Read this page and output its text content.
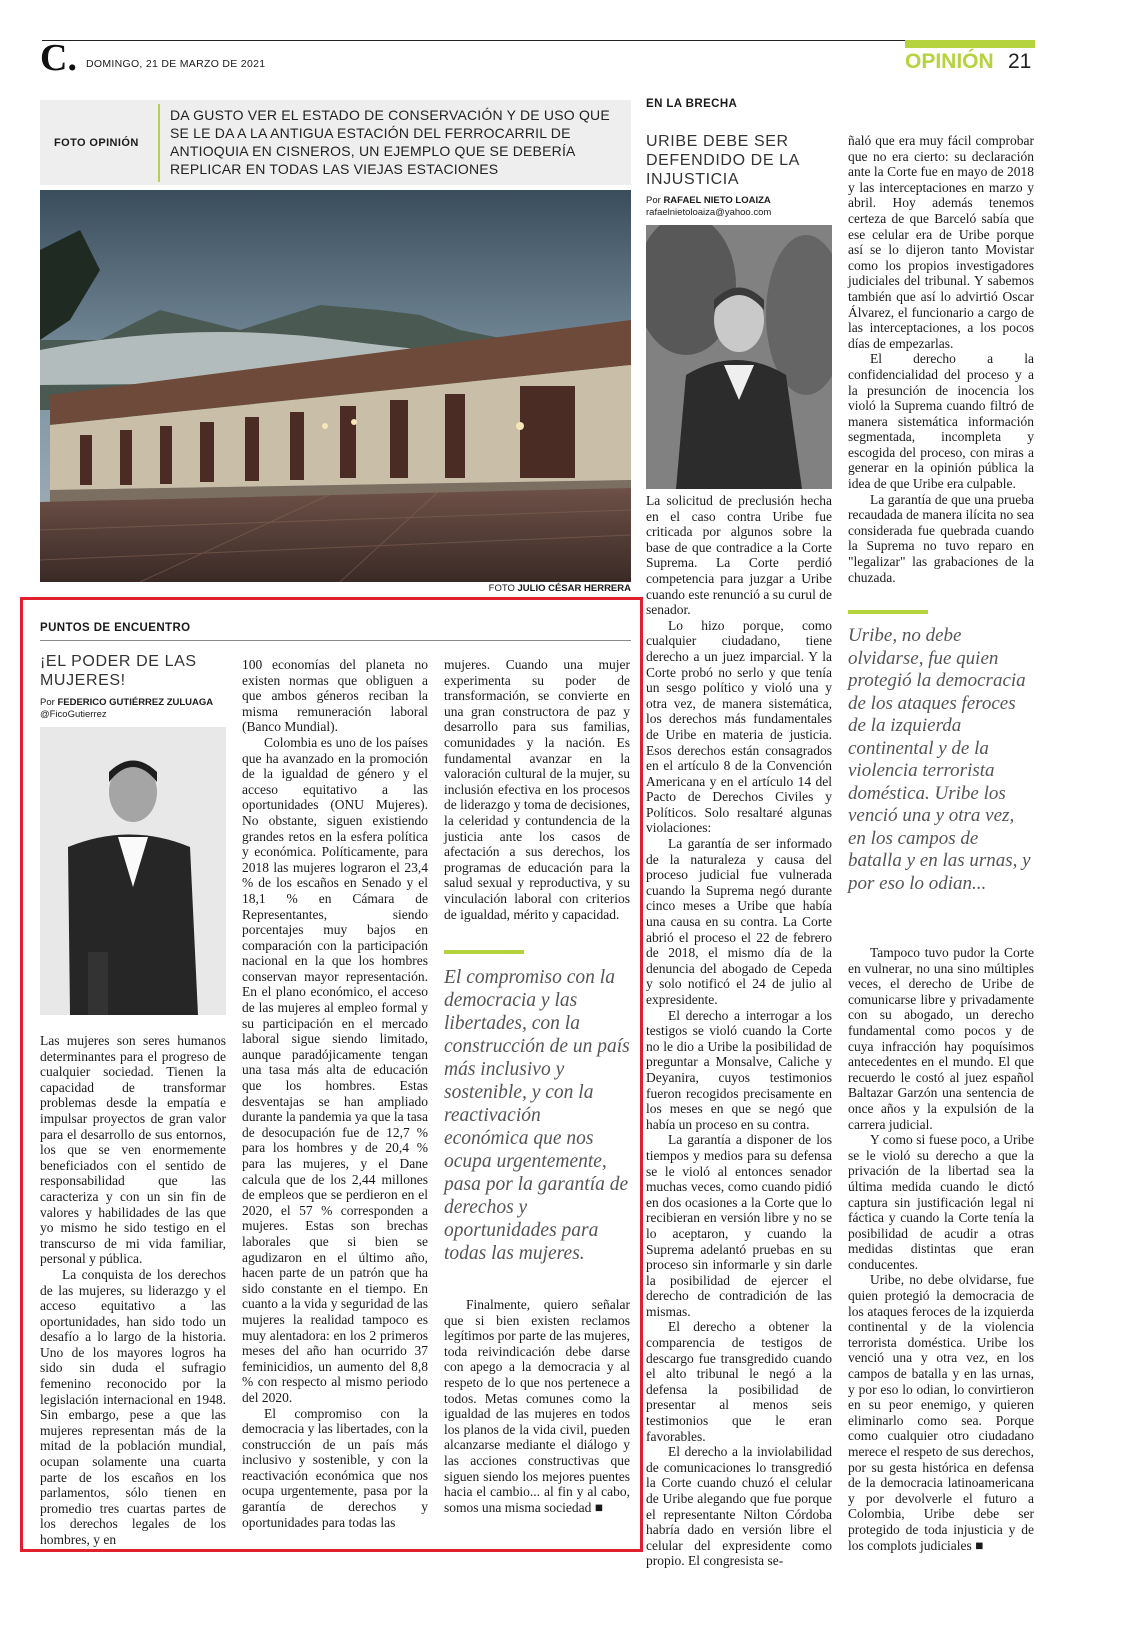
C. DOMINGO, 21 DE MARZO DE 2021	OPINIÓN 21
FOTO OPINIÓN
DA GUSTO VER EL ESTADO DE CONSERVACIÓN Y DE USO QUE SE LE DA A LA ANTIGUA ESTACIÓN DEL FERROCARRIL DE ANTIOQUIA EN CISNEROS, UN EJEMPLO QUE SE DEBERÍA REPLICAR EN TODAS LAS VIEJAS ESTACIONES
FOTO JULIO CÉSAR HERRERA
EN LA BRECHA
URIBE DEBE SER DEFENDIDO DE LA INJUSTICIA
Por RAFAEL NIETO LOAIZA
rafaelnietoloaiza@yahoo.com

La solicitud de preclusión hecha en el caso contra Uribe fue criticada por algunos sobre la base de que contradice a la Corte Suprema. La Corte perdió competencia para juzgar a Uribe cuando este renunció a su curul de senador.

Lo hizo porque, como cualquier ciudadano, tiene derecho a un juez imparcial. Y la Corte probó no serlo y que tenía un sesgo político y violó una y otra vez, de manera sistemática, los derechos más fundamentales de Uribe en materia de justicia. Esos derechos están consagrados en el artículo 8 de la Convención Americana y en el artículo 14 del Pacto de Derechos Civiles y Políticos. Solo resaltaré algunas violaciones:

La garantía de ser informado de la naturaleza y causa del proceso judicial fue vulnerada cuando la Suprema negó durante cinco meses a Uribe que había una causa en su contra. La Corte abrió el proceso el 22 de febrero de 2018, el mismo día de la denuncia del abogado de Cepeda y solo notificó el 24 de julio al expresidente.

El derecho a interrogar a los testigos se violó cuando la Corte no le dio a Uribe la posibilidad de preguntar a Monsalve, Caliche y Deyanira, cuyos testimonios fueron recogidos precisamente en los meses en que se negó que había un proceso en su contra.

La garantía a disponer de los tiempos y medios para su defensa se le violó al entonces senador muchas veces, como cuando pidió en dos ocasiones a la Corte que lo recibieran en versión libre y no se lo aceptaron, y cuando la Suprema adelantó pruebas en su proceso sin informarle y sin darle la posibilidad de ejercer el derecho de contradición de las mismas.

El derecho a obtener la comparencia de testigos de descargo fue transgredido cuando el alto tribunal le negó a la defensa la posibilidad de presentar al menos seis testimonios que le eran favorables.

El derecho a la inviolabilidad de comunicaciones lo transgredió la Corte cuando chuzó el celular de Uribe alegando que fue porque el representante Nilton Córdoba habría dado en versión libre el celular del expresidente como propio. El congresista se-

ñaló que era muy fácil comprobar que no era cierto: su declaración ante la Corte fue en mayo de 2018 y las interceptaciones en marzo y abril. Hoy además tenemos certeza de que Barceló sabía que ese celular era de Uribe porque así se lo dijeron tanto Movistar como los propios investigadores judiciales del tribunal. Y sabemos también que así lo advirtió Oscar Álvarez, el funcionario a cargo de las interceptaciones, a los pocos días de empezarlas.

El derecho a la confidencialidad del proceso y a la presunción de inocencia los violó la Suprema cuando filtró de manera sistemática información segmentada, incompleta y escogida del proceso, con miras a generar en la opinión pública la idea de que Uribe era culpable.

La garantía de que una prueba recaudada de manera ilícita no sea considerada fue quebrada cuando la Suprema no tuvo reparo en "legalizar" las grabaciones de la chuzada.

Uribe, no debe olvidarse, fue quien protegió la democracia de los ataques feroces de la izquierda continental y de la violencia terrorista doméstica. Uribe los venció una y otra vez, en los campos de batalla y en las urnas, y por eso lo odian...

Tampoco tuvo pudor la Corte en vulnerar, no una sino múltiples veces, el derecho de Uribe de comunicarse libre y privadamente con su abogado, un derecho fundamental como pocos y de cuya infracción hay poquísimos antecedentes en el mundo. El que recuerdo le costó al juez español Baltazar Garzón una sentencia de once años y la expulsión de la carrera judicial.

Y como si fuese poco, a Uribe se le violó su derecho a que la privación de la libertad sea la última medida cuando le dictó captura sin justificación legal ni fáctica y cuando la Corte tenía la posibilidad de acudir a otras medidas distintas que eran conducentes.

Uribe, no debe olvidarse, fue quien protegió la democracia de los ataques feroces de la izquierda continental y de la violencia terrorista doméstica. Uribe los venció una y otra vez, en los campos de batalla y en las urnas, y por eso lo odian, lo convirtieron en su peor enemigo, y quieren eliminarlo como sea. Porque como cualquier otro ciudadano merece el respeto de sus derechos, por su gesta histórica en defensa de la democracia latinoamericana y por devolverle el futuro a Colombia, Uribe debe ser protegido de toda injusticia y de los complots judiciales ■

PUNTOS DE ENCUENTRO
¡EL PODER DE LAS MUJERES!
Por FEDERICO GUTIÉRREZ ZULUAGA
@FicoGutierrez

Las mujeres son seres humanos determinantes para el progreso de cualquier sociedad. Tienen la capacidad de transformar problemas desde la empatía e impulsar proyectos de gran valor para el desarrollo de sus entornos, los que se ven enormemente beneficiados con el sentido de responsabilidad que las caracteriza y con un sin fin de valores y habilidades de las que yo mismo he sido testigo en el transcurso de mi vida familiar, personal y pública.

La conquista de los derechos de las mujeres, su liderazgo y el acceso equitativo a las oportunidades, han sido todo un desafío a lo largo de la historia. Uno de los mayores logros ha sido sin duda el sufragio femenino reconocido por la legislación internacional en 1948. Sin embargo, pese a que las mujeres representan más de la mitad de la población mundial, ocupan solamente una cuarta parte de los escaños en los parlamentos, sólo tienen en promedio tres cuartas partes de los derechos legales de los hombres, y en

100 economías del planeta no existen normas que obliguen a que ambos géneros reciban la misma remuneración laboral (Banco Mundial).

Colombia es uno de los países que ha avanzado en la promoción de la igualdad de género y el acceso equitativo a las oportunidades (ONU Mujeres). No obstante, siguen existiendo grandes retos en la esfera política y económica. Políticamente, para 2018 las mujeres lograron el 23,4 % de los escaños en Senado y el 18,1 % en Cámara de Representantes, siendo porcentajes muy bajos en comparación con la participación nacional en la que los hombres conservan mayor representación. En el plano económico, el acceso de las mujeres al empleo formal y su participación en el mercado laboral sigue siendo limitado, aunque paradójicamente tengan una tasa más alta de educación que los hombres. Estas desventajas se han ampliado durante la pandemia ya que la tasa de desocupación fue de 12,7 % para los hombres y de 20,4 % para las mujeres, y el Dane calcula que de los 2,44 millones de empleos que se perdieron en el 2020, el 57 % corresponden a mujeres. Estas son brechas laborales que si bien se agudizaron en el último año, hacen parte de un patrón que ha sido constante en el tiempo. En cuanto a la vida y seguridad de las mujeres la realidad tampoco es muy alentadora: en los 2 primeros meses del año han ocurrido 37 feminicidios, un aumento del 8,8 % con respecto al mismo periodo del 2020.

El compromiso con la democracia y las libertades, con la construcción de un país más inclusivo y sostenible, y con la reactivación económica que nos ocupa urgentemente, pasa por la garantía de derechos y oportunidades para todas las

mujeres. Cuando una mujer experimenta su poder de transformación, se convierte en una gran constructora de paz y desarrollo para sus familias, comunidades y la nación. Es fundamental avanzar en la valoración cultural de la mujer, su inclusión efectiva en los procesos de liderazgo y toma de decisiones, la celeridad y contundencia de la justicia ante los casos de afectación a sus derechos, los programas de educación para la salud sexual y reproductiva, y su vinculación laboral con criterios de igualdad, mérito y capacidad.

El compromiso con la democracia y las libertades, con la construcción de un país más inclusivo y sostenible, y con la reactivación económica que nos ocupa urgentemente, pasa por la garantía de derechos y oportunidades para todas las mujeres.

Finalmente, quiero señalar que si bien existen reclamos legítimos por parte de las mujeres, toda reivindicación debe darse con apego a la democracia y al respeto de lo que nos pertenece a todos. Metas comunes como la igualdad de las mujeres en todos los planos de la vida civil, pueden alcanzarse mediante el diálogo y las acciones constructivas que siguen siendo los mejores puentes hacia el cambio... al fin y al cabo, somos una misma sociedad ■
